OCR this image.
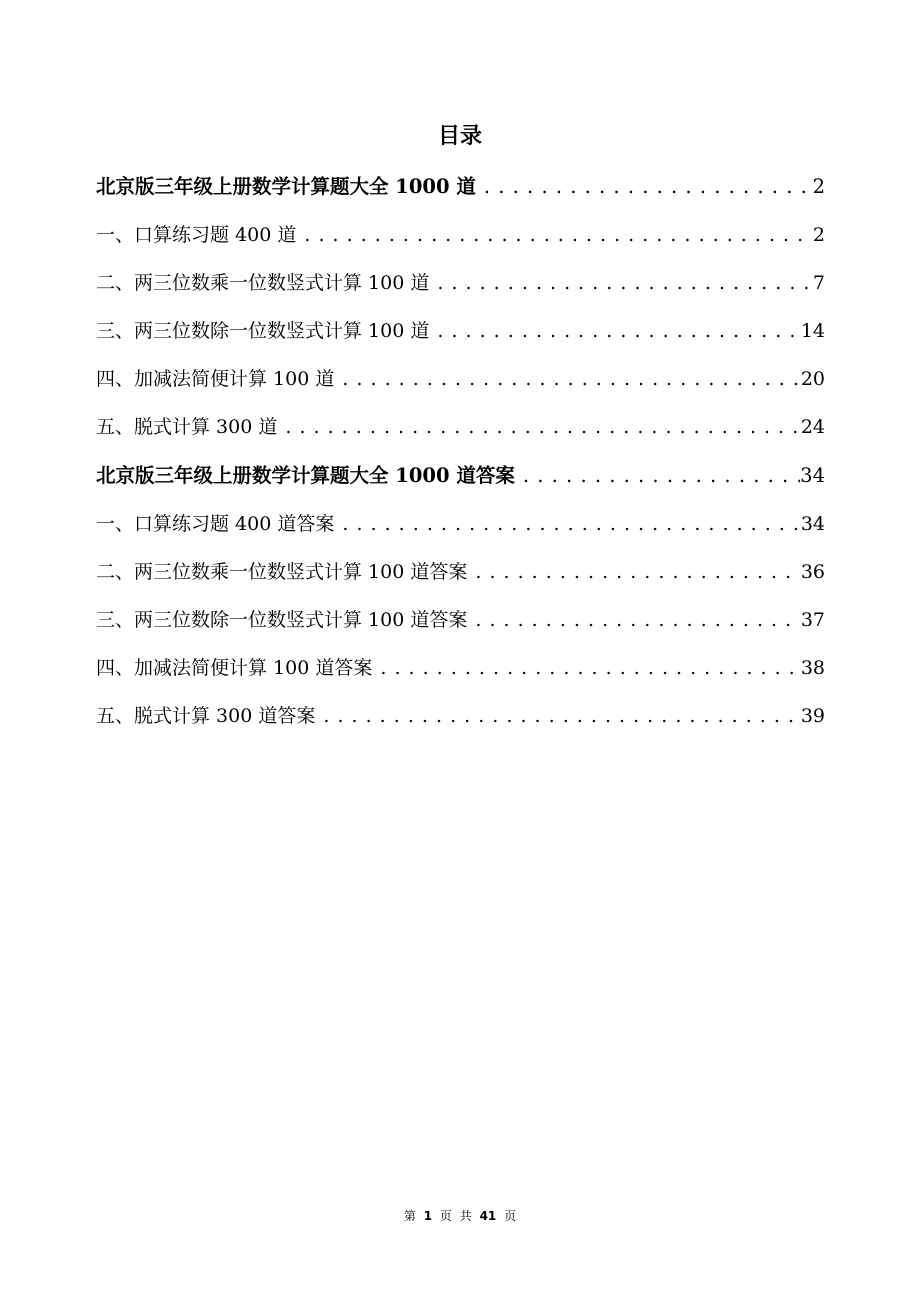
目录
北京版三年级上册数学计算题大全 1000 道 . . .	2
一、口算练习题 400 道 . . .	2
二、两三位数乘一位数竖式计算 100 道 . . .	7
三、两三位数除一位数竖式计算 100 道 . . .	14
四、加减法简便计算 100 道 . . .	20
五、脱式计算 300 道 . . .	24
北京版三年级上册数学计算题大全 1000 道答案 . . .	34
一、口算练习题 400 道答案 . . .	34
二、两三位数乘一位数竖式计算 100 道答案 . . .	36
三、两三位数除一位数竖式计算 100 道答案 . . .	37
四、加减法简便计算 100 道答案 . . .	38
五、脱式计算 300 道答案 . . .	39
第 1 页 共 41 页
